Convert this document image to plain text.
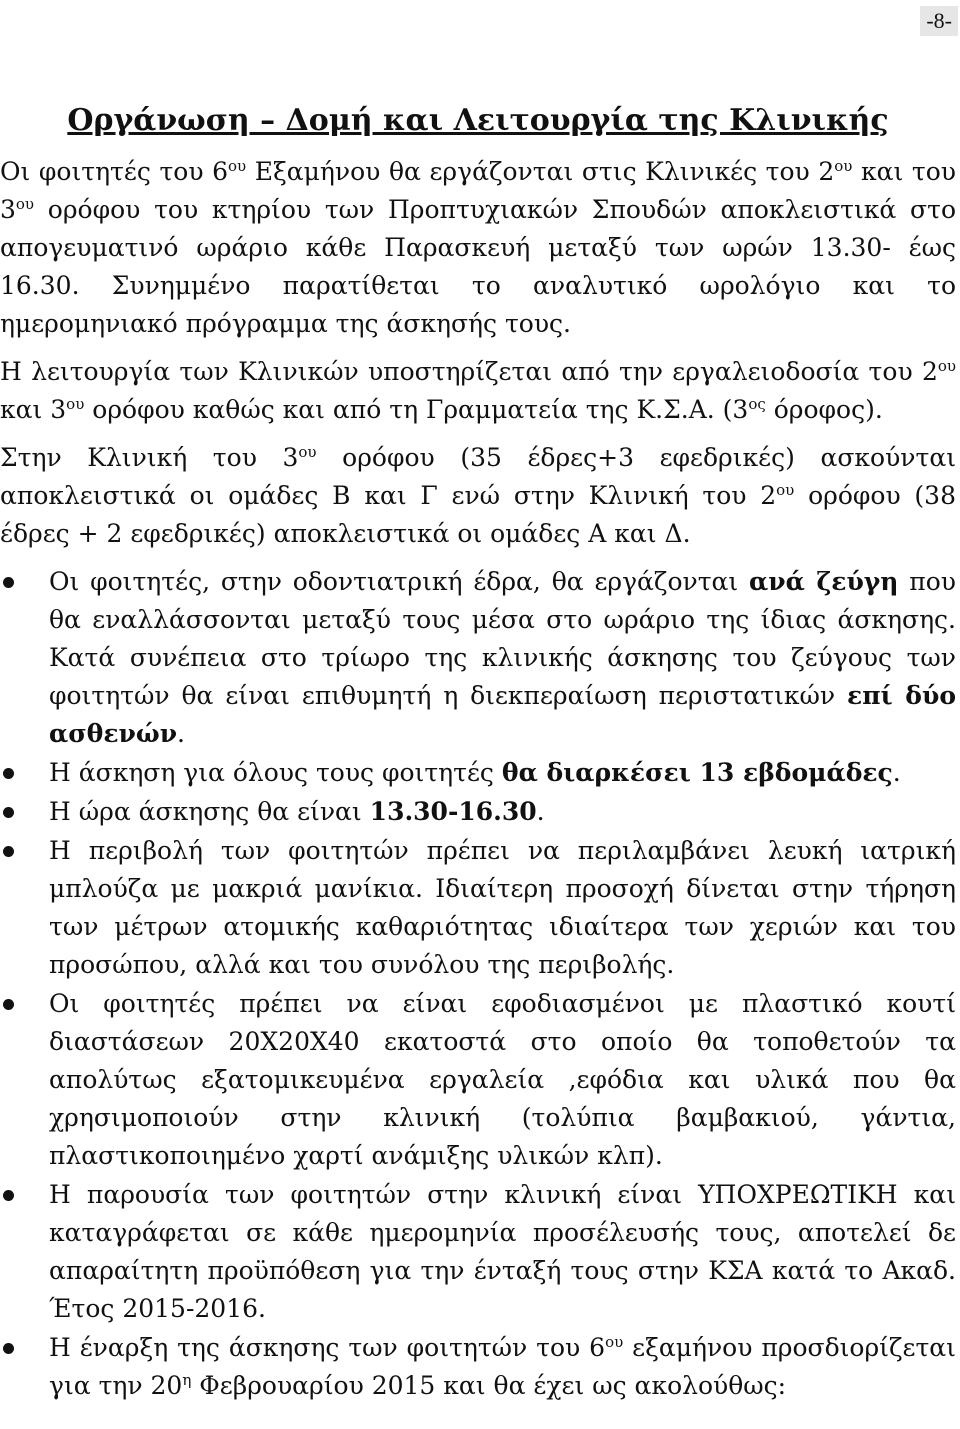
-8-
Οργάνωση – Δομή και Λειτουργία της Κλινικής

Οι φοιτητές του $6^{o\upsilon}$ Εξαμήνου θα εργάζονται στις Κλινικές του $2^{o\upsilon}$ και του $3^{o\upsilon}$ ορόφου του κτηρίου των Προπτυχιακών Σπουδών αποκλειστικά στο απογευματινό ωράριο κάθε Παρασκευή μεταξύ των ωρών 13.30- έως 16.30. Συνημμένο παρατίθεται το αναλυτικό ωρολόγιο και το ημερομηνιακό πρόγραμμα της άσκησής τους.

Η λειτουργία των Κλινικών υποστηρίζεται από την εργαλειοδοσία του $2^{o\upsilon}$ και $3^{o\upsilon}$ ορόφου καθώς και από τη Γραμματεία της Κ.Σ.Α. ($3^{o\varsigma}$ όροφος).

Στην Κλινική του $3^{o\upsilon}$ ορόφου (35 έδρες+3 εφεδρικές) ασκούνται αποκλειστικά οι ομάδες Β και Γ ενώ στην Κλινική του $2^{o\upsilon}$ ορόφου (38 έδρες + 2 εφεδρικές) αποκλειστικά οι ομάδες Α και Δ.

Οι φοιτητές, στην οδοντιατρική έδρα, θα εργάζονται ανά ζεύγη που θα εναλλάσσονται μεταξύ τους μέσα στο ωράριο της ίδιας άσκησης. Κατά συνέπεια στο τρίωρο της κλινικής άσκησης του ζεύγους των φοιτητών θα είναι επιθυμητή η διεκπεραίωση περιστατικών επί δύο ασθενών.

Η άσκηση για όλους τους φοιτητές θα διαρκέσει 13 εβδομάδες.

Η ώρα άσκησης θα είναι 13.30-16.30.

Η περιβολή των φοιτητών πρέπει να περιλαμβάνει λευκή ιατρική μπλούζα με μακριά μανίκια. Ιδιαίτερη προσοχή δίνεται στην τήρηση των μέτρων ατομικής καθαριότητας ιδιαίτερα των χεριών και του προσώπου, αλλά και του συνόλου της περιβολής.

Οι φοιτητές πρέπει να είναι εφοδιασμένοι με πλαστικό κουτί διαστάσεων 20Χ20Χ40 εκατοστά στο οποίο θα τοποθετούν τα απολύτως εξατομικευμένα εργαλεία ,εφόδια και υλικά που θα χρησιμοποιούν στην κλινική (τολύπια βαμβακιού, γάντια, πλαστικοποιημένο χαρτί ανάμιξης υλικών κλπ).

Η παρουσία των φοιτητών στην κλινική είναι ΥΠΟΧΡΕΩΤΙΚΗ και καταγράφεται σε κάθε ημερομηνία προσέλευσής τους, αποτελεί δε απαραίτητη προϋπόθεση για την ένταξή τους στην ΚΣΑ κατά το Ακαδ. Έτος 2015-2016.

Η έναρξη της άσκησης των φοιτητών του $6^{o\upsilon}$ εξαμήνου προσδιορίζεται για την $20^\eta$ Φεβρουαρίου 2015 και θα έχει ως ακολούθως:
